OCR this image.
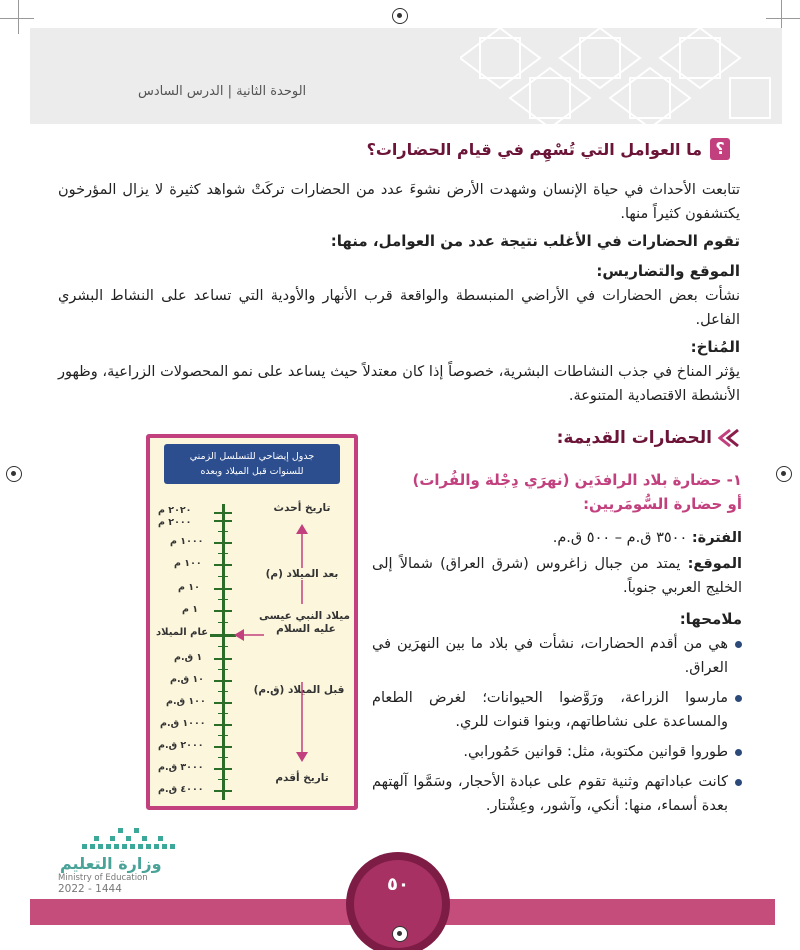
الوحدة الثانية | الدرس السادس
؟
ما العوامل التي تُسْهِم في قيام الحضارات؟
تتابعت الأحداث في حياة الإنسان وشهدت الأرض نشوءَ عدد من الحضارات تركَتْ شواهد كثيرة لا يزال المؤرخون يكتشفون كثيراً منها.
تقوم الحضارات في الأغلب نتيجة عدد من العوامل، منها:
الموقع والتضاريس:
نشأت بعض الحضارات في الأراضي المنبسطة والواقعة قرب الأنهار والأودية التي تساعد على النشاط البشري الفاعل.
المُناخ:
يؤثر المناخ في جذب النشاطات البشرية، خصوصاً إذا كان معتدلاً حيث يساعد على نمو المحصولات الزراعية، وظهور الأنشطة الاقتصادية المتنوعة.
الحضارات القديمة:
١- حضارة بلاد الرافدَين (نهرَي دِجْلة والفُرات)
أو حضارة السُّومَريين:
الفترة: ٣٥٠٠ ق.م – ٥٠٠ ق.م.
الموقع: يمتد من جبال زاغروس (شرق العراق) شمالاً إلى الخليج العربي جنوباً.
ملامحها:
هي من أقدم الحضارات، نشأت في بلاد ما بين النهرَين في العراق.
مارسوا الزراعة، ورَوَّضوا الحيوانات؛ لغرض الطعام والمساعدة على نشاطاتهم، وبنوا قنوات للري.
طوروا قوانين مكتوبة، مثل: قوانين حَمُورابي.
كانت عباداتهم وثنية تقوم على عبادة الأحجار، وسَمَّوا آلهتهم بعدة أسماء، منها: أنكي، وآشور، وعِشْتار.
جدول إيضاحي للتسلسل الزمني
للسنوات قبل الميلاد وبعده
٢٠٢٠ م
٢٠٠٠ م
١٠٠٠ م
١٠٠ م
١٠ م
١ م
عام الميلاد
١ ق.م
١٠ ق.م
١٠٠ ق.م
١٠٠٠ ق.م
٢٠٠٠ ق.م
٣٠٠٠ ق.م
٤٠٠٠ ق.م
تاريخ أحدث
بعد الميلاد (م)
ميلاد النبي عيسى
عليه السلام
قبل الميلاد (ق.م)
تاريخ أقدم
وزارة التعليم
Ministry of Education
2022 - 1444	٥٠
